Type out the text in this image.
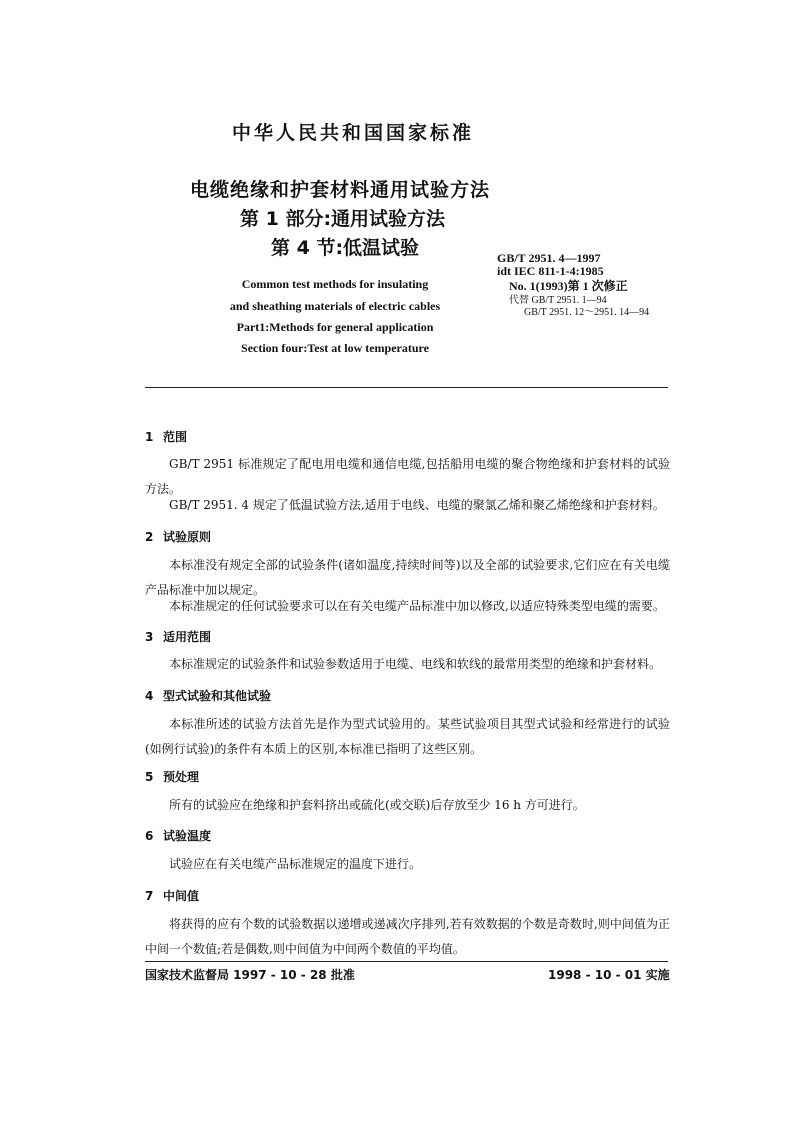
中华人民共和国国家标准
电缆绝缘和护套材料通用试验方法
第 1 部分:通用试验方法
第 4 节:低温试验
Common test methods for insulating
and sheathing materials of electric cables
Part1:Methods for general application
Section four:Test at low temperature
GB/T 2951. 4—1997
idt IEC 811-1-4:1985
No. 1(1993)第 1 次修正
代替 GB/T 2951. 1—94
GB/T 2951. 12～2951. 14—94
1 范围
GB/T 2951 标准规定了配电用电缆和通信电缆,包括船用电缆的聚合物绝缘和护套材料的试验方法。
GB/T 2951. 4 规定了低温试验方法,适用于电线、电缆的聚氯乙烯和聚乙烯绝缘和护套材料。
2 试验原则
本标准没有规定全部的试验条件(诸如温度,持续时间等)以及全部的试验要求,它们应在有关电缆产品标准中加以规定。
本标准规定的任何试验要求可以在有关电缆产品标准中加以修改,以适应特殊类型电缆的需要。
3 适用范围
本标准规定的试验条件和试验参数适用于电缆、电线和软线的最常用类型的绝缘和护套材料。
4 型式试验和其他试验
本标准所述的试验方法首先是作为型式试验用的。某些试验项目其型式试验和经常进行的试验(如例行试验)的条件有本质上的区别,本标准已指明了这些区别。
5 预处理
所有的试验应在绝缘和护套料挤出或硫化(或交联)后存放至少 16 h 方可进行。
6 试验温度
试验应在有关电缆产品标准规定的温度下进行。
7 中间值
将获得的应有个数的试验数据以递增或递减次序排列,若有效数据的个数是奇数时,则中间值为正中间一个数值;若是偶数,则中间值为中间两个数值的平均值。
国家技术监督局 1997 - 10 - 28 批准	1998 - 10 - 01 实施
